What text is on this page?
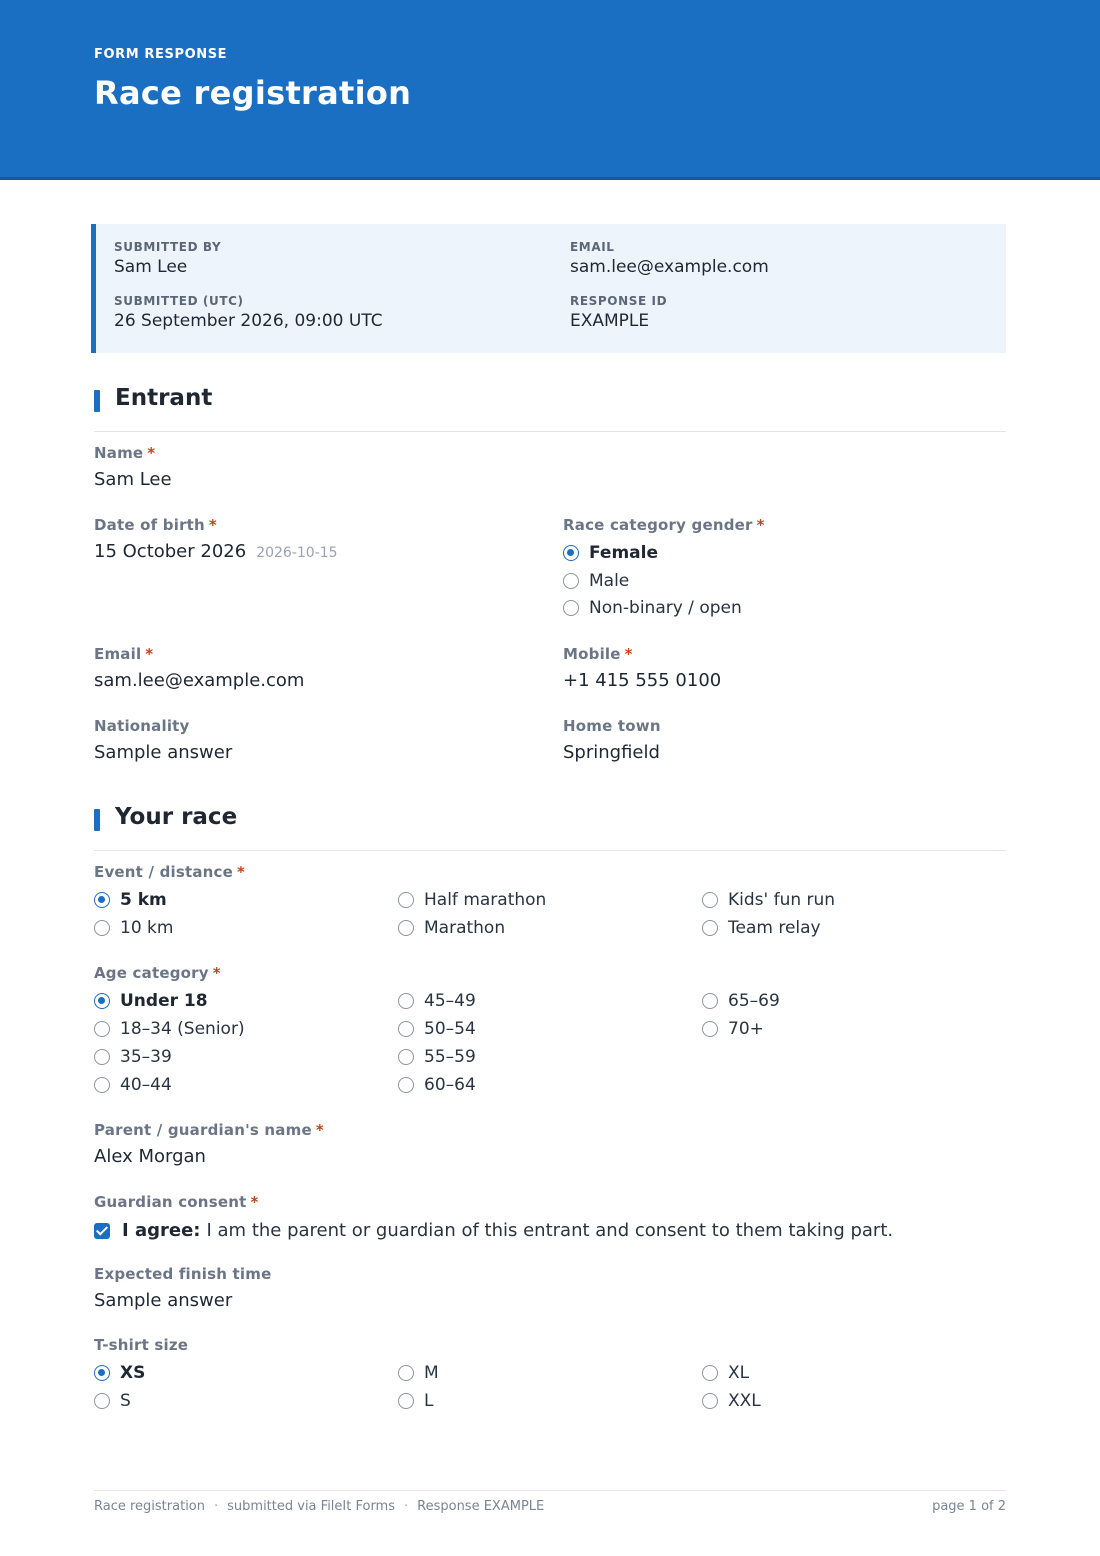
FORM RESPONSE
Race registration
SUBMITTED BY
Sam Lee
EMAIL
sam.lee@example.com
SUBMITTED (UTC)
26 September 2026, 09:00 UTC
RESPONSE ID
EXAMPLE
Entrant
Name *
Sam Lee
Date of birth *
15 October 2026 2026-10-15
Race category gender *
Female
Male
Non-binary / open
Email *
sam.lee@example.com
Mobile *
+1 415 555 0100
Nationality
Sample answer
Home town
Springfield
Your race
Event / distance *
5 km
10 km
Half marathon
Marathon
Kids' fun run
Team relay
Age category *
Under 18
18–34 (Senior)
35–39
40–44
45–49
50–54
55–59
60–64
65–69
70+
Parent / guardian's name *
Alex Morgan
Guardian consent *
I agree: I am the parent or guardian of this entrant and consent to them taking part.
Expected finish time
Sample answer
T-shirt size
XS
S
M
L
XL
XXL
Race registration · submitted via FileIt Forms · Response EXAMPLE	page 1 of 2
